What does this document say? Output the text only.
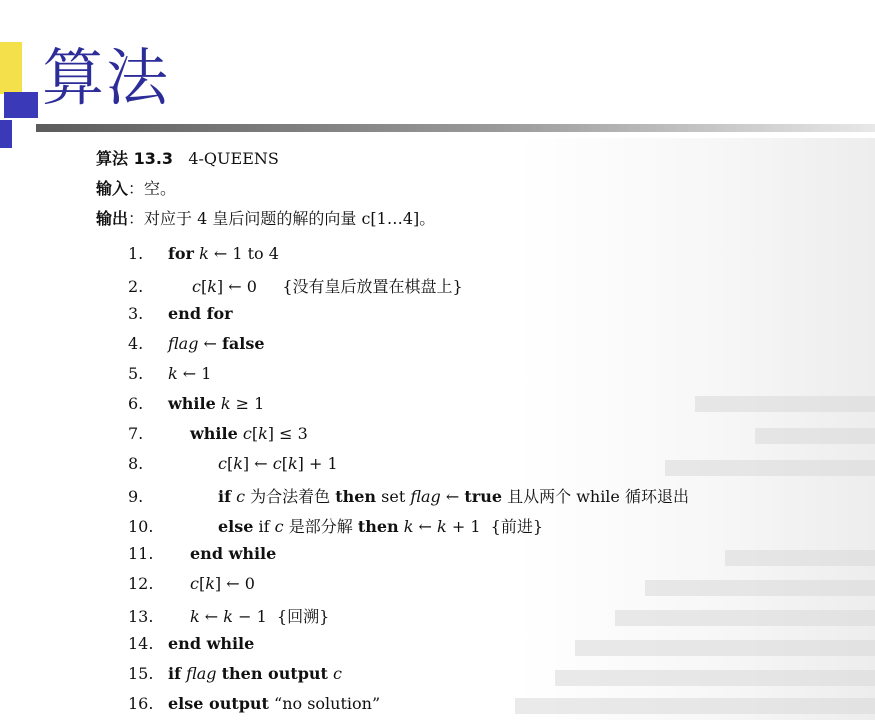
算法
算法 13.3 4-QUEENS
输入：空。
输出：对应于 4 皇后问题的解的向量 c[1…4]。
1. for k ← 1 to 4
2.	c[k] ← 0     {没有皇后放置在棋盘上}
3. end for
4. flag ← false
5. k ← 1
6. while k ≥ 1
7.	while c[k] ≤ 3
8.	c[k] ← c[k] + 1
9.	if c 为合法着色 then set flag ← true 且从两个 while 循环退出
10.	else if c 是部分解 then k ← k + 1  {前进}
11. end while
12. c[k] ← 0
13. k ← k − 1  {回溯}
14. end while
15. if flag then output c
16. else output “no solution”
